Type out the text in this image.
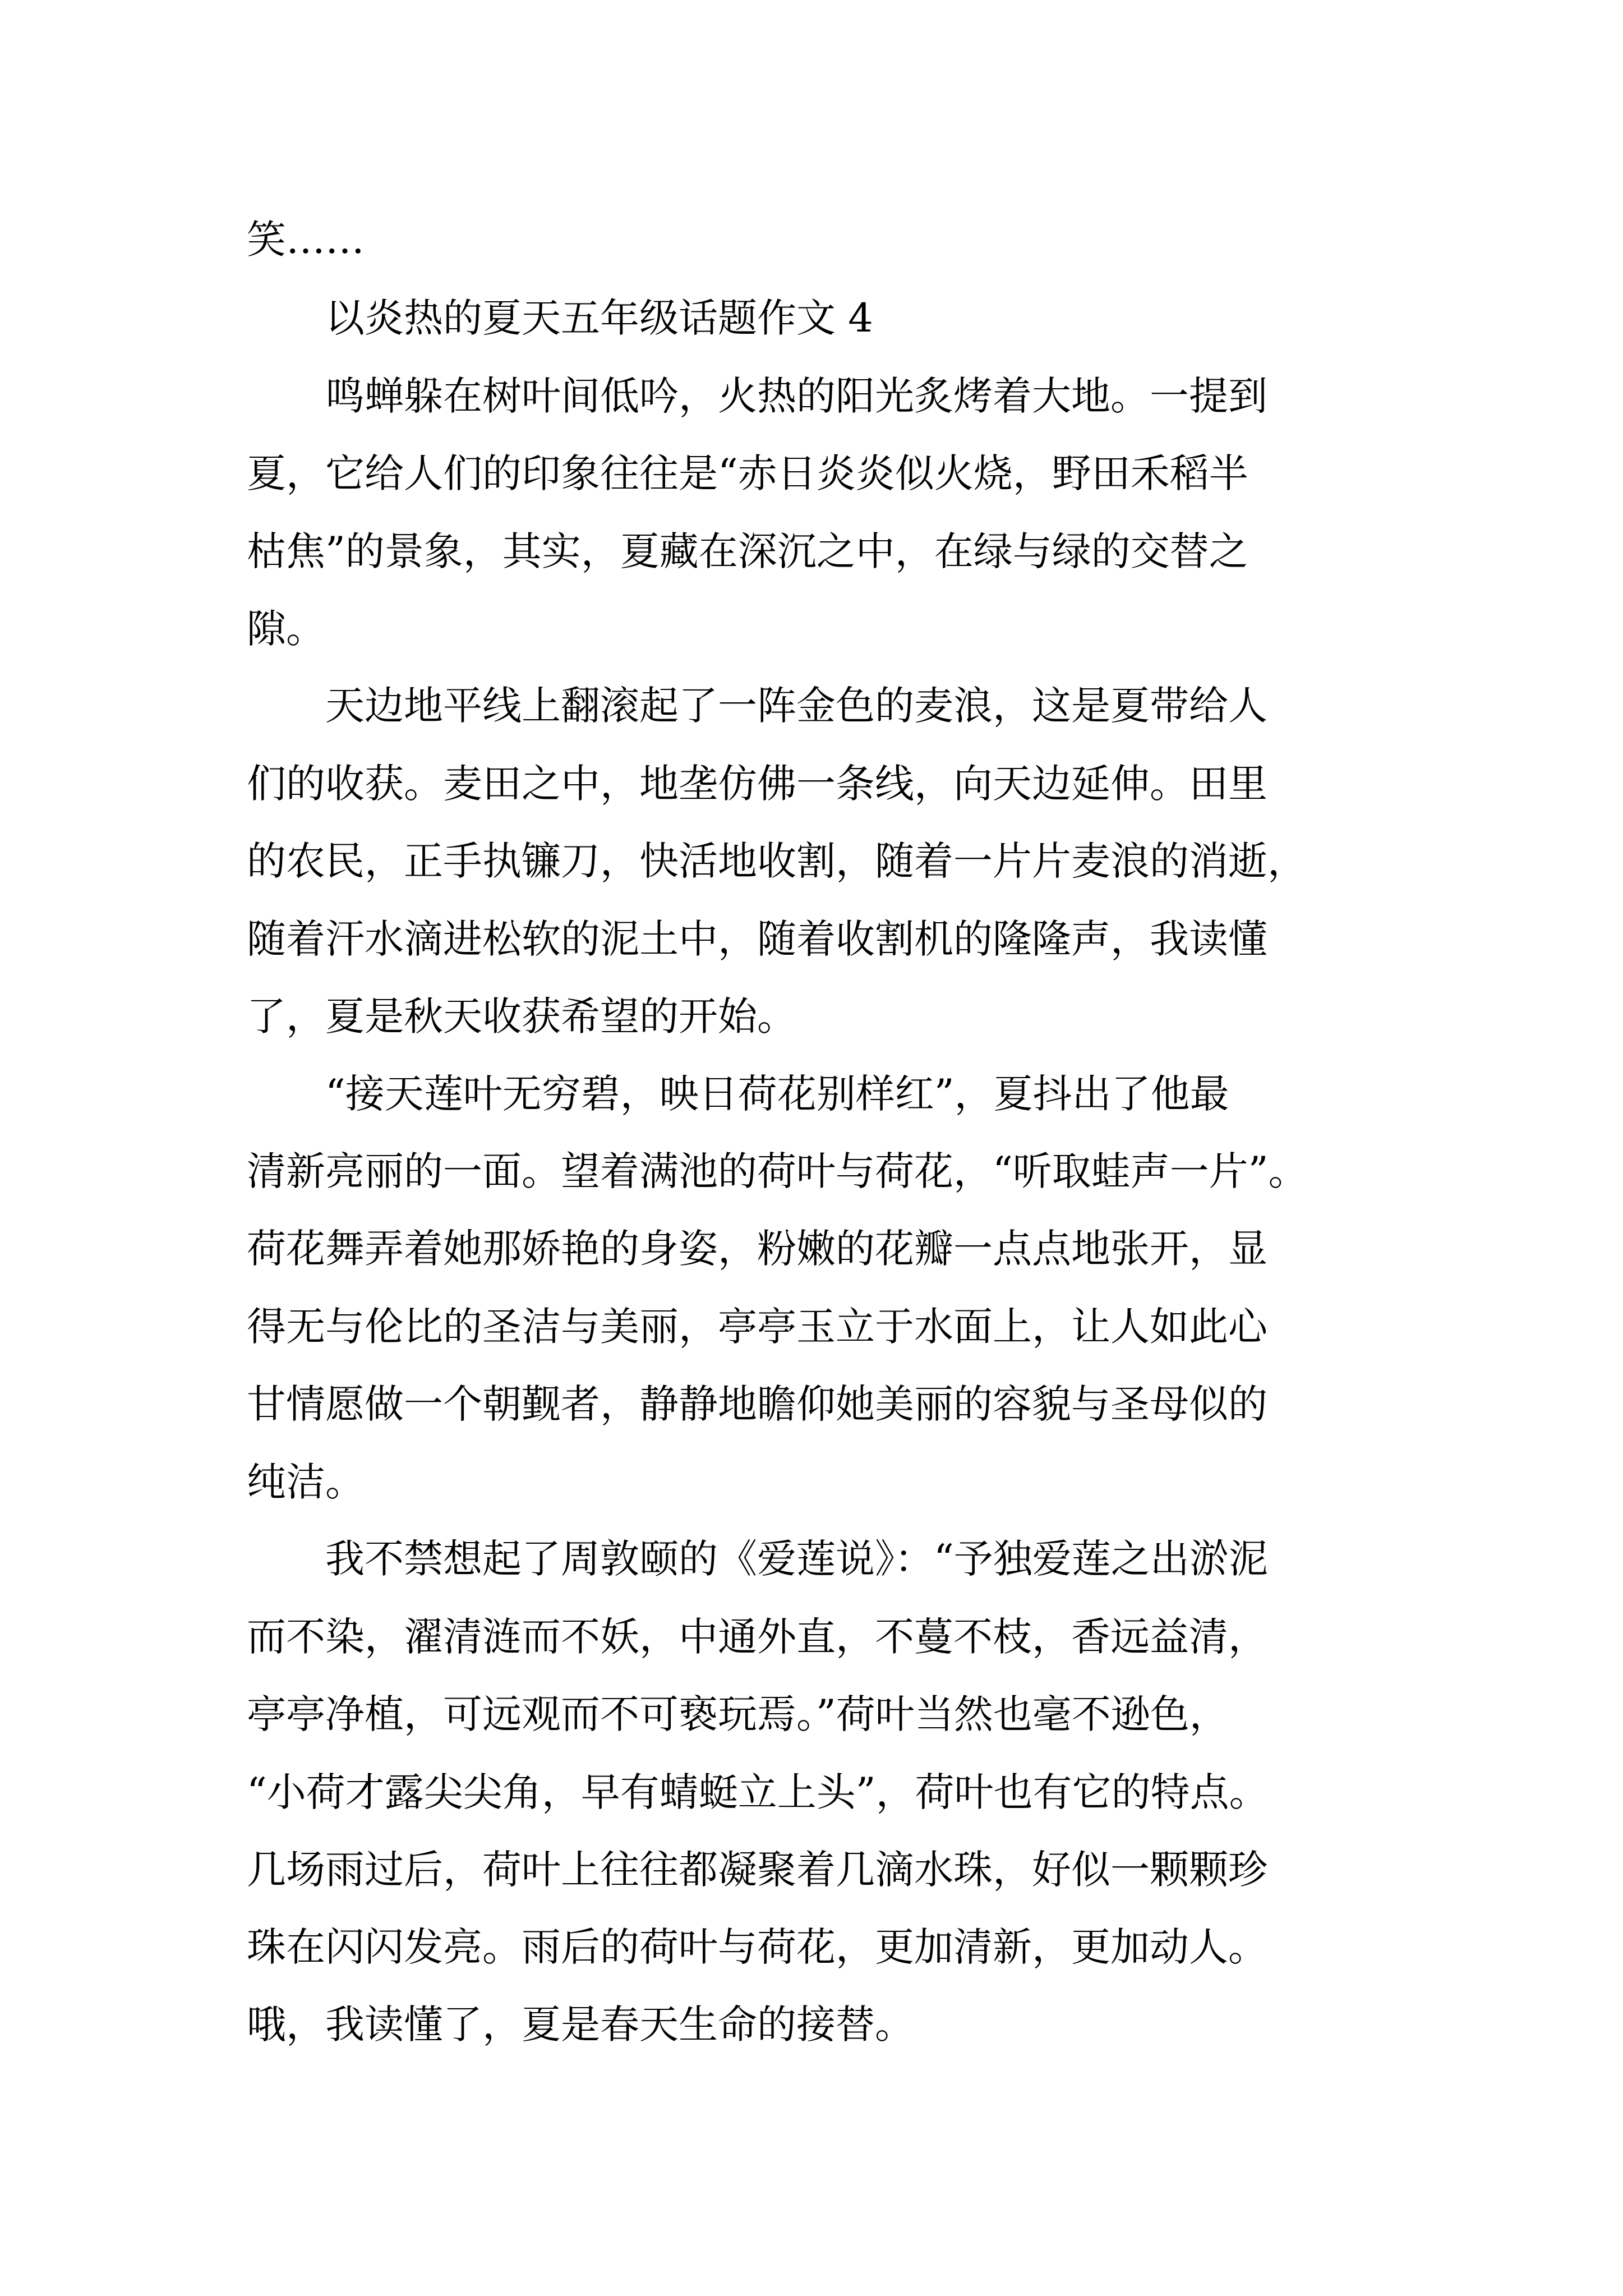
笑……
　　以炎热的夏天五年级话题作文 4
　　鸣蝉躲在树叶间低吟，火热的阳光炙烤着大地。一提到
夏，它给人们的印象往往是“赤日炎炎似火烧，野田禾稻半
枯焦”的景象，其实，夏藏在深沉之中，在绿与绿的交替之
隙。
　　天边地平线上翻滚起了一阵金色的麦浪，这是夏带给人
们的收获。麦田之中，地垄仿佛一条线，向天边延伸。田里
的农民，正手执镰刀，快活地收割，随着一片片麦浪的消逝，
随着汗水滴进松软的泥土中，随着收割机的隆隆声，我读懂
了，夏是秋天收获希望的开始。
　　“接天莲叶无穷碧，映日荷花别样红”，夏抖出了他最
清新亮丽的一面。望着满池的荷叶与荷花，“听取蛙声一片”。
荷花舞弄着她那娇艳的身姿，粉嫩的花瓣一点点地张开，显
得无与伦比的圣洁与美丽，亭亭玉立于水面上，让人如此心
甘情愿做一个朝觐者，静静地瞻仰她美丽的容貌与圣母似的
纯洁。
　　我不禁想起了周敦颐的《爱莲说》：“予独爱莲之出淤泥
而不染，濯清涟而不妖，中通外直，不蔓不枝，香远益清，
亭亭净植，可远观而不可亵玩焉。”荷叶当然也毫不逊色，
“小荷才露尖尖角，早有蜻蜓立上头”，荷叶也有它的特点。
几场雨过后，荷叶上往往都凝聚着几滴水珠，好似一颗颗珍
珠在闪闪发亮。雨后的荷叶与荷花，更加清新，更加动人。
哦，我读懂了，夏是春天生命的接替。
